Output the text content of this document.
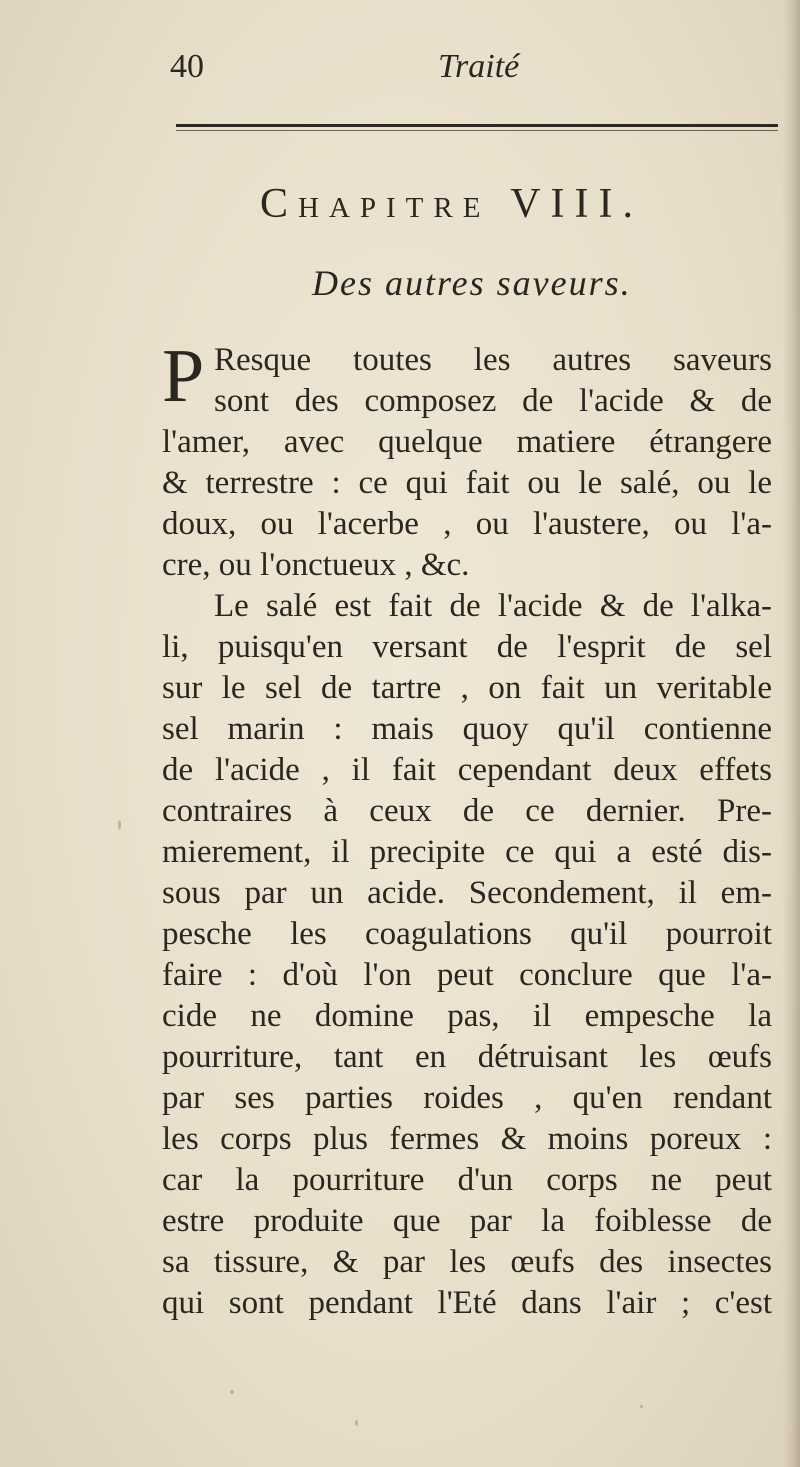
40	Traité
Chapitre VIII.
Des autres saveurs.
P Resque toutes les autres saveurs
sont des composez de l'acide & de
l'amer, avec quelque matiere étrangere
& terrestre : ce qui fait ou le salé, ou le
doux, ou l'acerbe , ou l'austere, ou l'a-
cre, ou l'onctueux , &c.
Le salé est fait de l'acide & de l'alka-
li, puisqu'en versant de l'esprit de sel
sur le sel de tartre , on fait un veritable
sel marin : mais quoy qu'il contienne
de l'acide , il fait cependant deux effets
contraires à ceux de ce dernier. Pre-
mierement, il precipite ce qui a esté dis-
sous par un acide. Secondement, il em-
pesche les coagulations qu'il pourroit
faire : d'où l'on peut conclure que l'a-
cide ne domine pas, il empesche la
pourriture, tant en détruisant les œufs
par ses parties roides , qu'en rendant
les corps plus fermes & moins poreux :
car la pourriture d'un corps ne peut
estre produite que par la foiblesse de
sa tissure, & par les œufs des insectes
qui sont pendant l'Eté dans l'air ; c'est
